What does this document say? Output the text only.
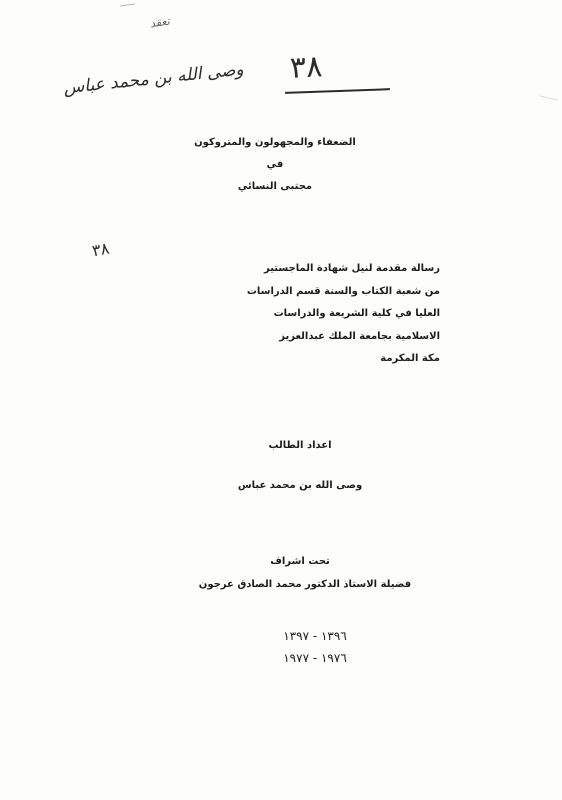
تعقد
وصى الله بن محمد عباس ٣٨
٣٨
الضعفاء والمجهولون والمتروكون
في
مجتبى النسائي
رسالة مقدمة لنيل شهادة الماجستير
من شعبة الكتاب والسنة قسم الدراسات
العليا في كلية الشريعة والدراسات
الاسلامية بجامعة الملك عبدالعزيز
مكة المكرمة
اعداد الطالب
وصى الله بن محمد عباس
تحت اشراف
فضيلة الاستاذ الدكتور محمد الصادق عرجون
١٣٩٦ - ١٣٩٧
١٩٧٦ - ١٩٧٧
